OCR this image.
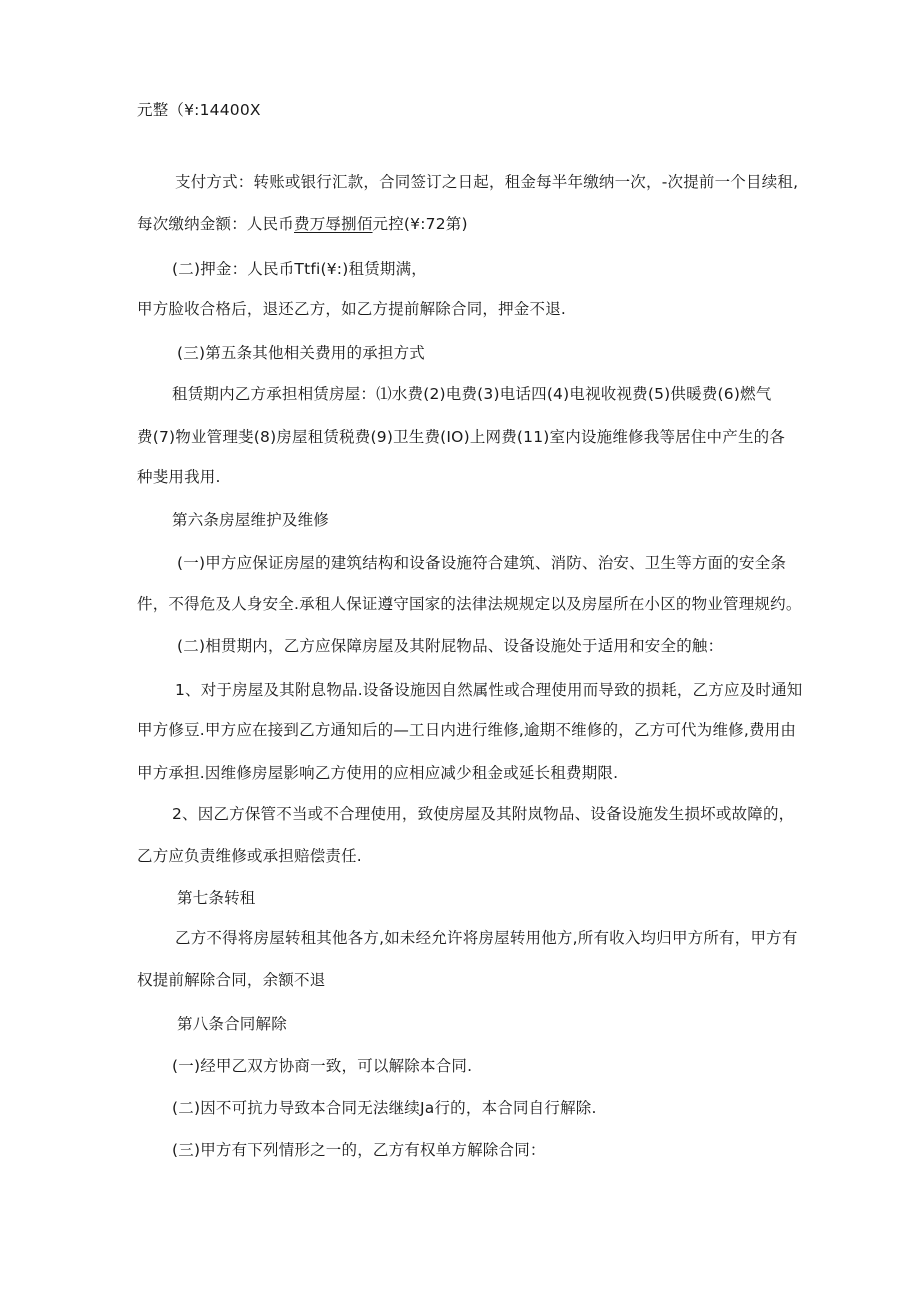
元整（¥:14400X
支付方式：转账或银行汇款，合同签订之日起，租金每半年缴纳一次，-次提前一个目续租,
每次缴纳金额：人民币费万辱捌佰元控(¥:72第)
(二)押金：人民币Ttfi(¥:)租赁期满，
甲方脸收合格后，退还乙方，如乙方提前解除合同，押金不退.
(三)第五条其他相关费用的承担方式
租赁期内乙方承担相赁房屋：⑴水费(2)电费(3)电话四(4)电视收视费(5)供暖费(6)燃气
费(7)物业管理斐(8)房屋租赁税费(9)卫生费(IO)上网费(11)室内设施维修我等居住中产生的各
种斐用我用.
第六条房屋维护及维修
(一)甲方应保证房屋的建筑结构和设备设施符合建筑、消防、治安、卫生等方面的安全条
件，不得危及人身安全.承租人保证遵守国家的法律法规规定以及房屋所在小区的物业管理规约。
(二)相贯期内，乙方应保障房屋及其附屁物品、设备设施处于适用和安全的触：
1、对于房屋及其附息物品.设备设施因自然属性或合理使用而导致的损耗，乙方应及时通知
甲方修豆.甲方应在接到乙方通知后的—工日内进行维修,逾期不维修的，乙方可代为维修,费用由
甲方承担.因维修房屋影响乙方使用的应相应减少租金或延长租费期限.
2、因乙方保管不当或不合理使用，致使房屋及其附岚物品、设备设施发生损坏或故障的，
乙方应负责维修或承担赔偿责任.
第七条转租
乙方不得将房屋转租其他各方,如未经允许将房屋转用他方,所有收入均归甲方所有，甲方有
权提前解除合同，余额不退
第八条合同解除
(一)经甲乙双方协商一致，可以解除本合同.
(二)因不可抗力导致本合同无法继续Ja行的，本合同自行解除.
(三)甲方有下列情形之一的，乙方有权单方解除合同：
